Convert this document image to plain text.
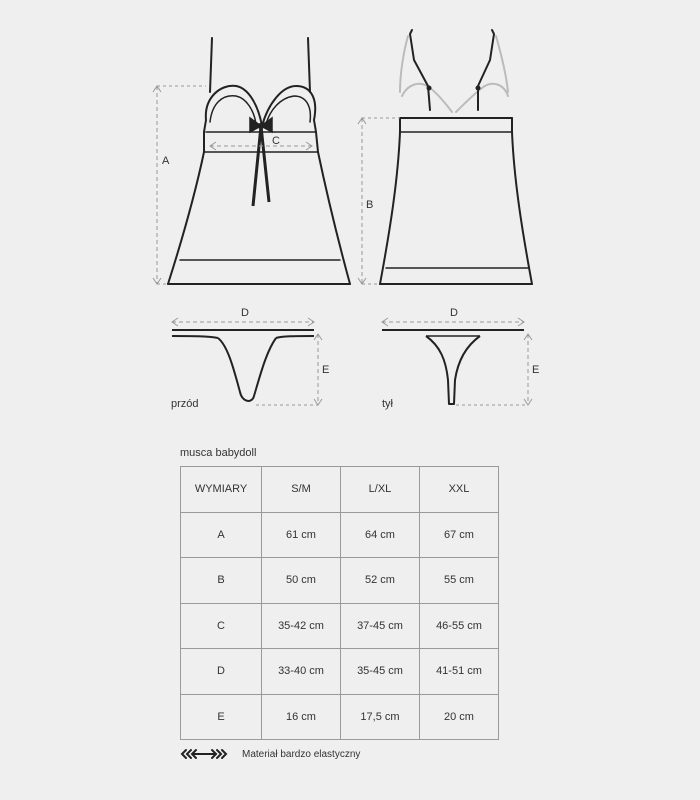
A
C
B
D
E
D
E
przód	tył
musca babydoll
WYMIARY	S/M	L/XL	XXL
A	61 cm	64 cm	67 cm
B	50 cm	52 cm	55 cm
C	35-42 cm	37-45 cm	46-55 cm
D	33-40 cm	35-45 cm	41-51 cm
E	16 cm	17,5 cm	20 cm
Materiał bardzo elastyczny
